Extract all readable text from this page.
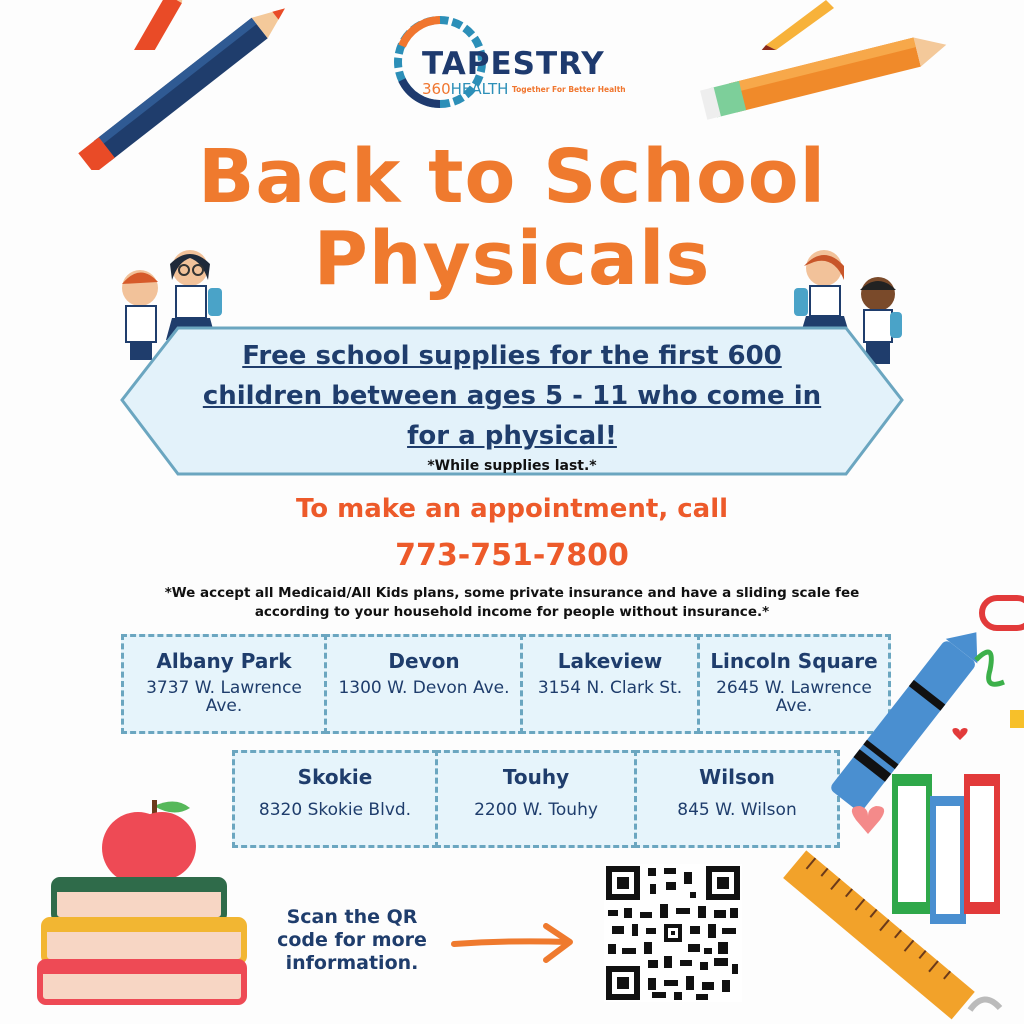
TAPESTRY
360HEALTH Together For Better Health
Back to School
Physicals
Free school supplies for the first 600 children between ages 5 - 11 who come in for a physical!
*While supplies last.*
To make an appointment, call
773-751-7800
*We accept all Medicaid/All Kids plans, some private insurance and have a sliding scale fee according to your household income for people without insurance.*
Albany Park
3737 W. Lawrence Ave.
Devon
1300 W. Devon Ave.
Lakeview
3154 N. Clark St.
Lincoln Square
2645 W. Lawrence Ave.
Skokie
8320 Skokie Blvd.
Touhy
2200 W. Touhy
Wilson
845 W. Wilson
Scan the QR code for more information.
